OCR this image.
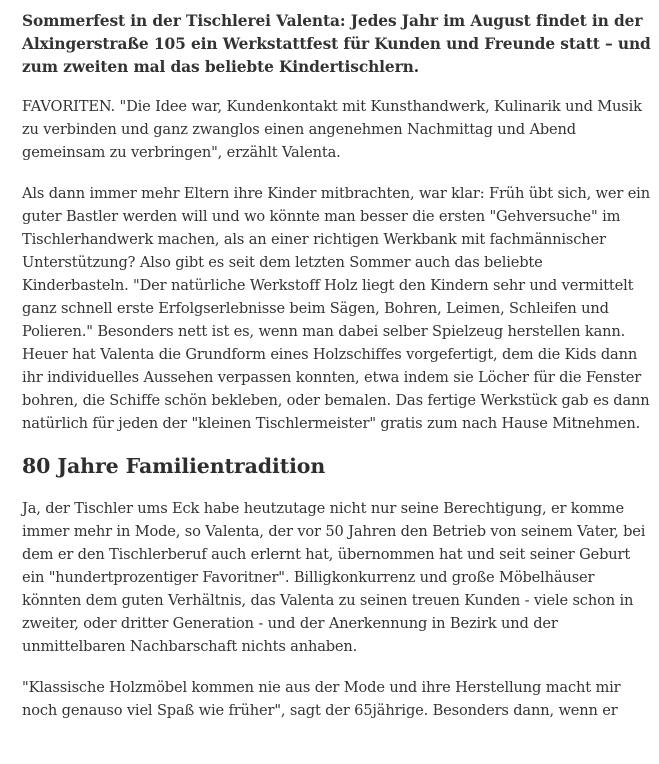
Sommerfest in der Tischlerei Valenta: Jedes Jahr im August findet in der Alxingerstraße 105 ein Werkstattfest für Kunden und Freunde statt – und zum zweiten mal das beliebte Kindertischlern.

FAVORITEN. "Die Idee war, Kundenkontakt mit Kunsthandwerk, Kulinarik und Musik zu verbinden und ganz zwanglos einen angenehmen Nachmittag und Abend gemeinsam zu verbringen", erzählt Valenta.

Als dann immer mehr Eltern ihre Kinder mitbrachten, war klar: Früh übt sich, wer ein guter Bastler werden will und wo könnte man besser die ersten "Gehversuche" im Tischlerhandwerk machen, als an einer richtigen Werkbank mit fachmännischer Unterstützung? Also gibt es seit dem letzten Sommer auch das beliebte Kinderbasteln. "Der natürliche Werkstoff Holz liegt den Kindern sehr und vermittelt ganz schnell erste Erfolgserlebnisse beim Sägen, Bohren, Leimen, Schleifen und Polieren." Besonders nett ist es, wenn man dabei selber Spielzeug herstellen kann. Heuer hat Valenta die Grundform eines Holzschiffes vorgefertigt, dem die Kids dann ihr individuelles Aussehen verpassen konnten, etwa indem sie Löcher für die Fenster bohren, die Schiffe schön bekleben, oder bemalen. Das fertige Werkstück gab es dann natürlich für jeden der "kleinen Tischlermeister" gratis zum nach Hause Mitnehmen.

80 Jahre Familientradition

Ja, der Tischler ums Eck habe heutzutage nicht nur seine Berechtigung, er komme immer mehr in Mode, so Valenta, der vor 50 Jahren den Betrieb von seinem Vater, bei dem er den Tischlerberuf auch erlernt hat, übernommen hat und seit seiner Geburt ein "hundertprozentiger Favoritner". Billigkonkurrenz und große Möbelhäuser könnten dem guten Verhältnis, das Valenta zu seinen treuen Kunden - viele schon in zweiter, oder dritter Generation - und der Anerkennung in Bezirk und der unmittelbaren Nachbarschaft nichts anhaben.

"Klassische Holzmöbel kommen nie aus der Mode und ihre Herstellung macht mir noch genauso viel Spaß wie früher", sagt der 65jährige. Besonders dann, wenn er
